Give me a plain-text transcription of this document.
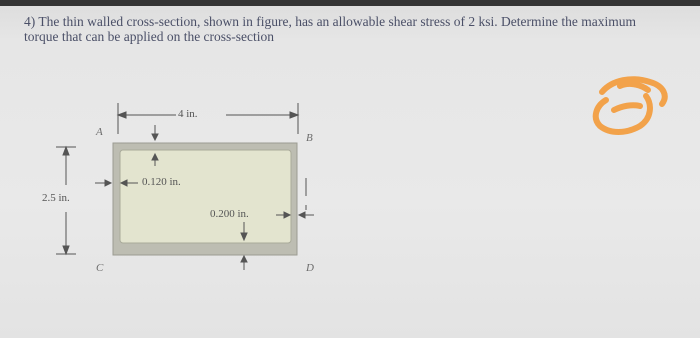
4) The thin walled cross-section, shown in figure, has an allowable shear stress of 2 ksi. Determine the maximum
torque that can be applied on the cross-section
4 in.
2.5 in.
0.120 in.
0.200 in.
A	B
C	D
